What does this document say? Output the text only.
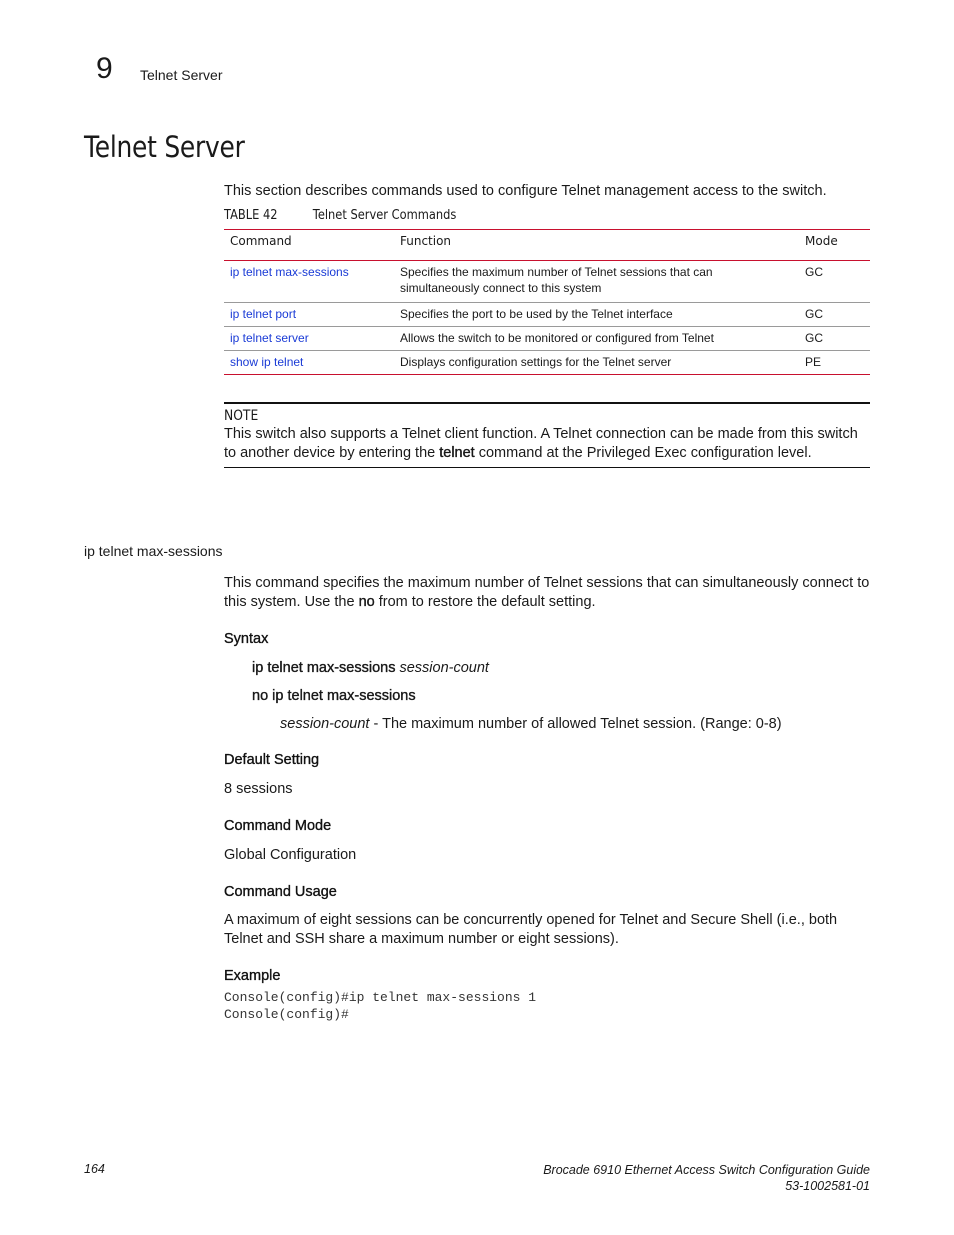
9 Telnet Server
Telnet Server
This section describes commands used to configure Telnet management access to the switch.
TABLE 42	Telnet Server Commands
Command	Function	Mode
ip telnet max-sessions	Specifies the maximum number of Telnet sessions that can simultaneously connect to this system	GC
ip telnet port	Specifies the port to be used by the Telnet interface	GC
ip telnet server	Allows the switch to be monitored or configured from Telnet	GC
show ip telnet	Displays configuration settings for the Telnet server	PE
NOTE
This switch also supports a Telnet client function. A Telnet connection can be made from this switch to another device by entering the telnet command at the Privileged Exec configuration level.
ip telnet max-sessions
This command specifies the maximum number of Telnet sessions that can simultaneously connect to this system. Use the no from to restore the default setting.
Syntax
ip telnet max-sessions session-count
no ip telnet max-sessions
session-count - The maximum number of allowed Telnet session. (Range: 0-8)
Default Setting
8 sessions
Command Mode
Global Configuration
Command Usage
A maximum of eight sessions can be concurrently opened for Telnet and Secure Shell (i.e., both Telnet and SSH share a maximum number or eight sessions).
Example
Console(config)#ip telnet max-sessions 1
Console(config)#
164	Brocade 6910 Ethernet Access Switch Configuration Guide
53-1002581-01
